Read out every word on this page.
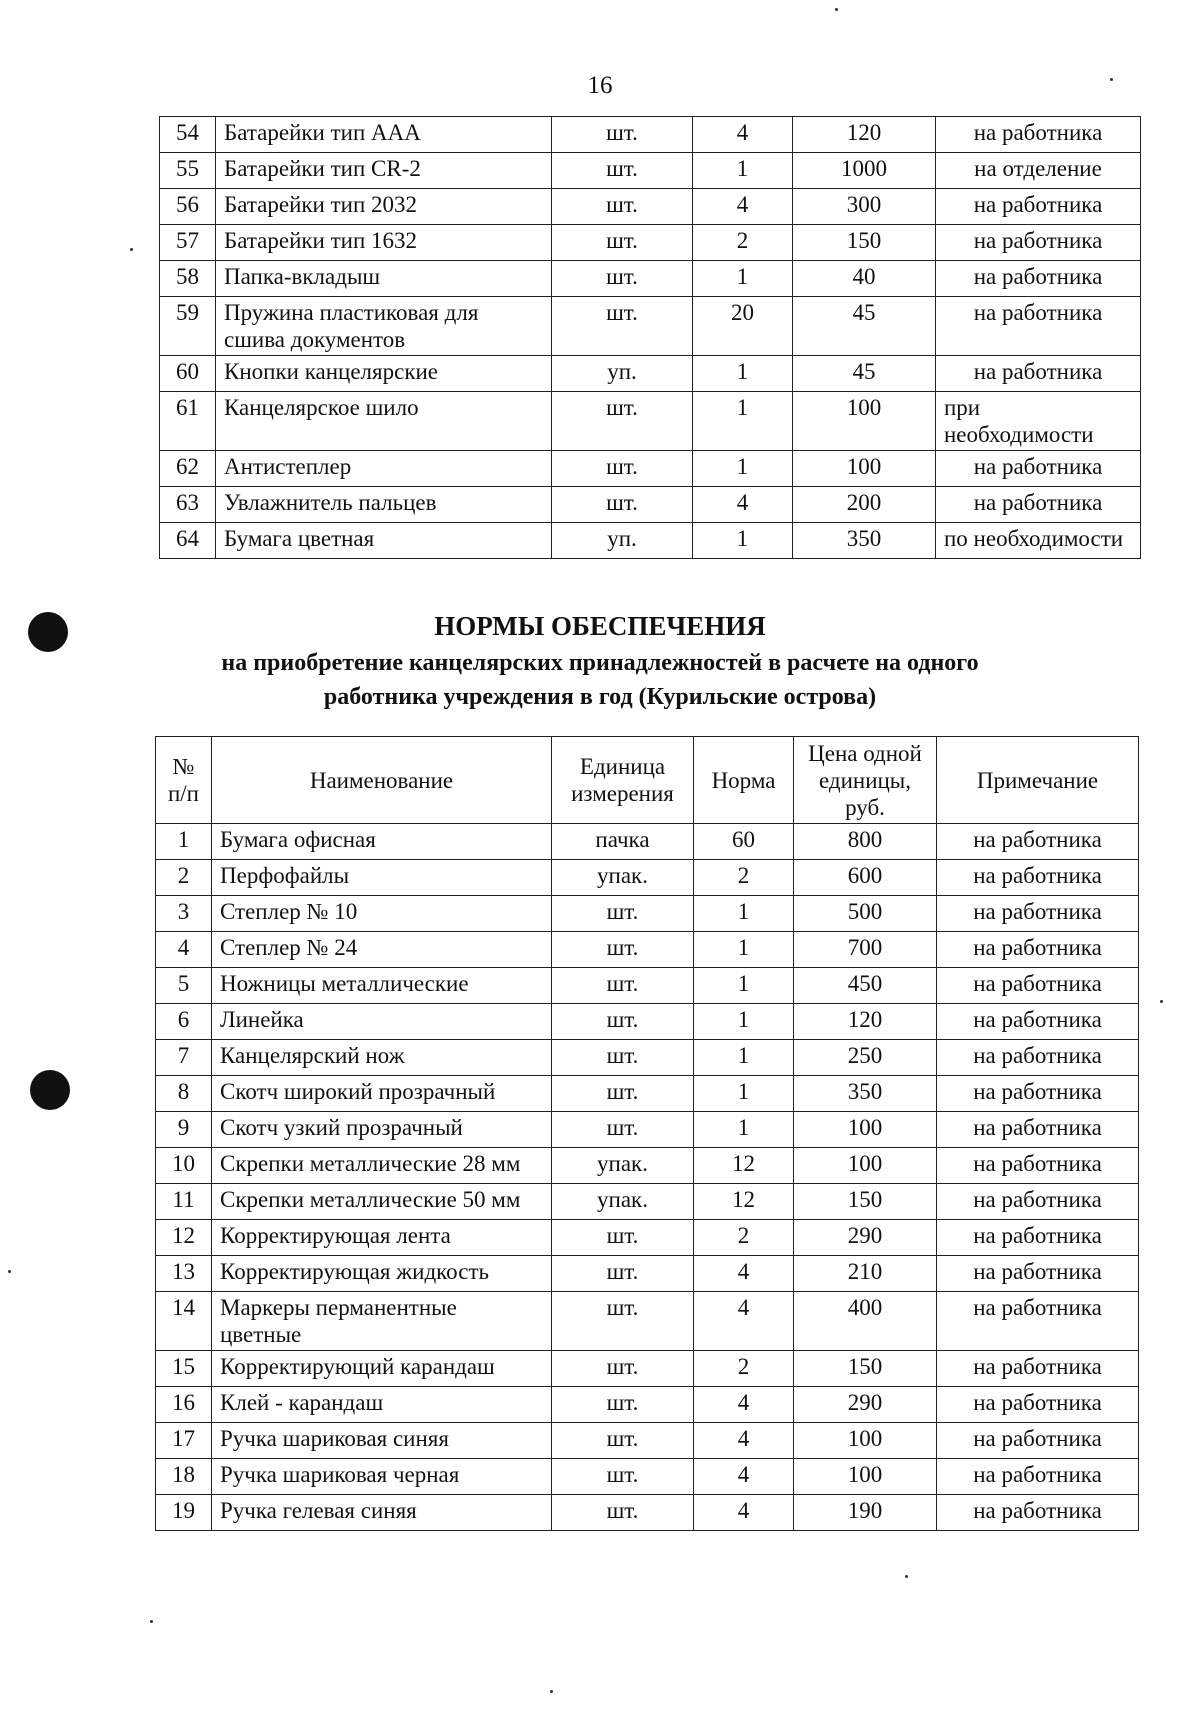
16
54	Батарейки тип ААА	шт.	4	120	на работника
55	Батарейки тип CR-2	шт.	1	1000	на отделение
56	Батарейки тип 2032	шт.	4	300	на работника
57	Батарейки тип 1632	шт.	2	150	на работника
58	Папка-вкладыш	шт.	1	40	на работника
59	Пружина пластиковая для сшива документов	шт.	20	45	на работника
60	Кнопки канцелярские	уп.	1	45	на работника
61	Канцелярское шило	шт.	1	100	при необходимости
62	Антистеплер	шт.	1	100	на работника
63	Увлажнитель пальцев	шт.	4	200	на работника
64	Бумага цветная	уп.	1	350	по необходимости
НОРМЫ ОБЕСПЕЧЕНИЯ
на приобретение канцелярских принадлежностей в расчете на одного
работника учреждения в год (Курильские острова)
№ п/п	Наименование	Единица измерения	Норма	Цена одной единицы, руб.	Примечание
1	Бумага офисная	пачка	60	800	на работника
2	Перфофайлы	упак.	2	600	на работника
3	Степлер № 10	шт.	1	500	на работника
4	Степлер № 24	шт.	1	700	на работника
5	Ножницы металлические	шт.	1	450	на работника
6	Линейка	шт.	1	120	на работника
7	Канцелярский нож	шт.	1	250	на работника
8	Скотч широкий прозрачный	шт.	1	350	на работника
9	Скотч узкий прозрачный	шт.	1	100	на работника
10	Скрепки металлические 28 мм	упак.	12	100	на работника
11	Скрепки металлические 50 мм	упак.	12	150	на работника
12	Корректирующая лента	шт.	2	290	на работника
13	Корректирующая жидкость	шт.	4	210	на работника
14	Маркеры перманентные цветные	шт.	4	400	на работника
15	Корректирующий карандаш	шт.	2	150	на работника
16	Клей - карандаш	шт.	4	290	на работника
17	Ручка шариковая синяя	шт.	4	100	на работника
18	Ручка шариковая черная	шт.	4	100	на работника
19	Ручка гелевая синяя	шт.	4	190	на работника
